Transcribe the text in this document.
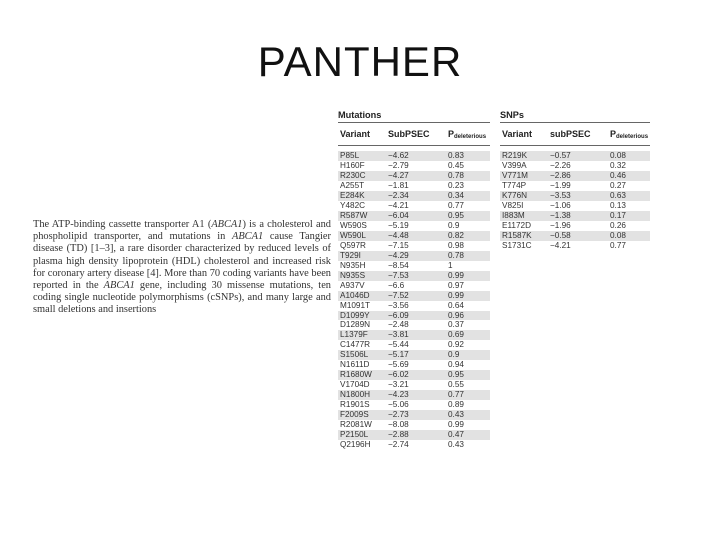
PANTHER
The ATP-binding cassette transporter A1 (ABCA1) is a cholesterol and phospholipid transporter, and mutations in ABCA1 cause Tangier disease (TD) [1–3], a rare disorder characterized by reduced levels of plasma high density lipoprotein (HDL) cholesterol and increased risk for coronary artery disease [4]. More than 70 coding variants have been reported in the ABCA1 gene, including 30 missense mutations, ten coding single nucleotide polymorphisms (cSNPs), and many large and small deletions and insertions
Mutations
Variant	SubPSEC	Pdeleterious
P85L	−4.62	0.83
H160F	−2.79	0.45
R230C	−4.27	0.78
A255T	−1.81	0.23
E284K	−2.34	0.34
Y482C	−4.21	0.77
R587W	−6.04	0.95
W590S	−5.19	0.9
W590L	−4.48	0.82
Q597R	−7.15	0.98
T929I	−4.29	0.78
N935H	−8.54	1
N935S	−7.53	0.99
A937V	−6.6	0.97
A1046D	−7.52	0.99
M1091T	−3.56	0.64
D1099Y	−6.09	0.96
D1289N	−2.48	0.37
L1379F	−3.81	0.69
C1477R	−5.44	0.92
S1506L	−5.17	0.9
N1611D	−5.69	0.94
R1680W	−6.02	0.95
V1704D	−3.21	0.55
N1800H	−4.23	0.77
R1901S	−5.06	0.89
F2009S	−2.73	0.43
R2081W	−8.08	0.99
P2150L	−2.88	0.47
Q2196H	−2.74	0.43
SNPs
Variant	subPSEC	Pdeleterious
R219K	−0.57	0.08
V399A	−2.26	0.32
V771M	−2.86	0.46
T774P	−1.99	0.27
K776N	−3.53	0.63
V825I	−1.06	0.13
I883M	−1.38	0.17
E1172D	−1.96	0.26
R1587K	−0.58	0.08
S1731C	−4.21	0.77
